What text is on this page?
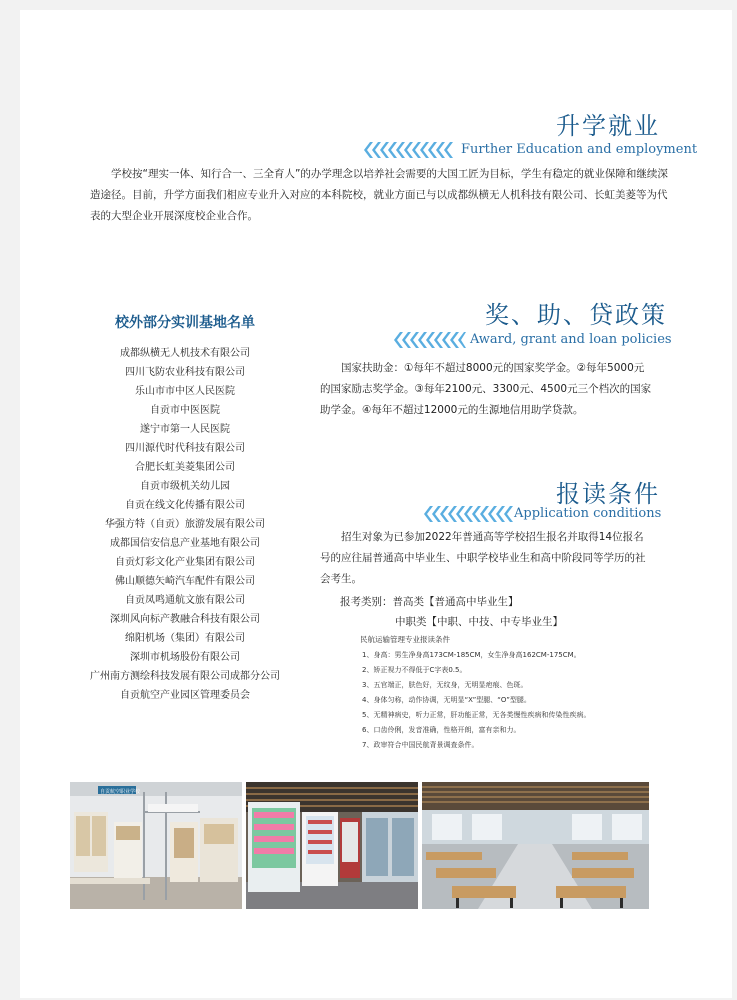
升学就业
Further Education and employment
学校按“理实一体、知行合一、三全育人”的办学理念以培养社会需要的大国工匠为目标，学生有稳定的就业保障和继续深
造途径。目前，升学方面我们相应专业升入对应的本科院校，就业方面已与以成都纵横无人机科技有限公司、长虹美菱等为代
表的大型企业开展深度校企业合作。
校外部分实训基地名单
成都纵横无人机技术有限公司
四川飞防农业科技有限公司
乐山市市中区人民医院
自贡市中医医院
遂宁市第一人民医院
四川源代时代科技有限公司
合肥长虹美菱集团公司
自贡市级机关幼儿园
自贡在线文化传播有限公司
华强方特（自贡）旅游发展有限公司
成都国信安信息产业基地有限公司
自贡灯彩文化产业集团有限公司
佛山顺德矢崎汽车配件有限公司
自贡凤鸣通航文旅有限公司
深圳风向标产教融合科技有限公司
绵阳机场（集团）有限公司
深圳市机场股份有限公司
广州南方测绘科技发展有限公司成都分公司
自贡航空产业园区管理委员会
奖、助、贷政策
Award, grant and loan policies
国家扶助金：①每年不超过8000元的国家奖学金。②每年5000元
的国家励志奖学金。③每年2100元、3300元、4500元三个档次的国家
助学金。④每年不超过12000元的生源地信用助学贷款。
报读条件
Application conditions
招生对象为已参加2022年普通高等学校招生报名并取得14位报名
号的应往届普通高中毕业生、中职学校毕业生和高中阶段同等学历的社
会考生。
报考类别：普高类【普通高中毕业生】
中职类【中职、中技、中专毕业生】
民航运输管理专业报读条件
1、身高：男生净身高173CM-185CM，女生净身高162CM-175CM。
2、矫正视力不得低于C字表0.5。
3、五官端正，肤色好，无纹身，无明显疤痕、色斑。
4、身体匀称，动作协调，无明显“X”型腿、“O”型腿。
5、无精神病史，听力正常，肝功能正常，无各类慢性疾病和传染性疾病。
6、口齿伶俐，发音准确，性格开朗，富有亲和力。
7、政审符合中国民航背景调查条件。
自贡航空职业学校
